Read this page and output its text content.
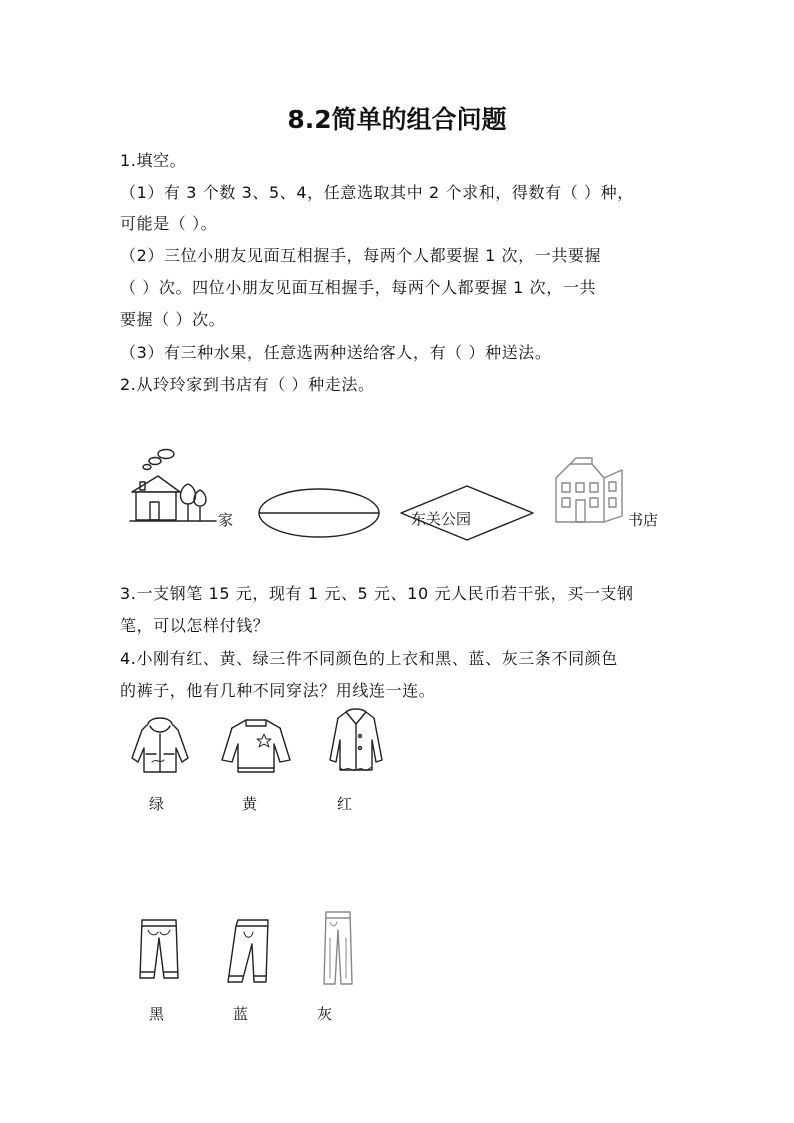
8.2简单的组合问题
1.填空。
（1）有 3 个数 3、5、4，任意选取其中 2 个求和，得数有（ ）种，
可能是（ ）。
（2）三位小朋友见面互相握手，每两个人都要握 1 次，一共要握
（ ）次。四位小朋友见面互相握手，每两个人都要握 1 次，一共
要握（ ）次。
（3）有三种水果，任意选两种送给客人，有（ ）种送法。
2.从玲玲家到书店有（ ）种走法。
家	东关公园	书店
3.一支钢笔 15 元，现有 1 元、5 元、10 元人民币若干张，买一支钢
笔，可以怎样付钱？
4.小刚有红、黄、绿三件不同颜色的上衣和黑、蓝、灰三条不同颜色
的裤子，他有几种不同穿法？用线连一连。
绿	黄	红
黑	蓝	灰
